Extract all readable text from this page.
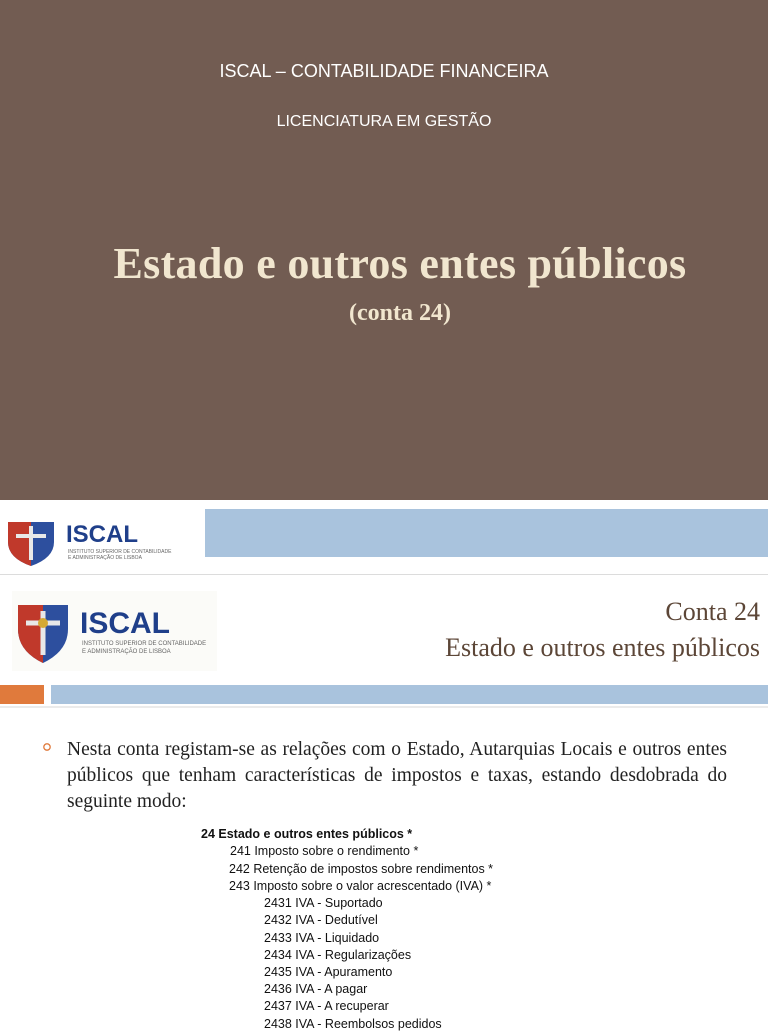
ISCAL – CONTABILIDADE FINANCEIRA
LICENCIATURA EM GESTÃO
Estado e outros entes públicos
(conta 24)
ISCAL
INSTITUTO SUPERIOR DE CONTABILIDADE
E ADMINISTRAÇÃO DE LISBOA
ISCAL
INSTITUTO SUPERIOR DE CONTABILIDADE
E ADMINISTRAÇÃO DE LISBOA
Conta 24
Estado e outros entes públicos
Nesta conta registam-se as relações com o Estado, Autarquias Locais e outros entes públicos que tenham características de impostos e taxas, estando desdobrada do seguinte modo:
24 Estado e outros entes públicos *
241 Imposto sobre o rendimento *
242 Retenção de impostos sobre rendimentos *
243 Imposto sobre o valor acrescentado (IVA) *
2431 IVA - Suportado
2432 IVA - Dedutível
2433 IVA - Liquidado
2434 IVA - Regularizações
2435 IVA - Apuramento
2436 IVA - A pagar
2437 IVA - A recuperar
2438 IVA - Reembolsos pedidos
